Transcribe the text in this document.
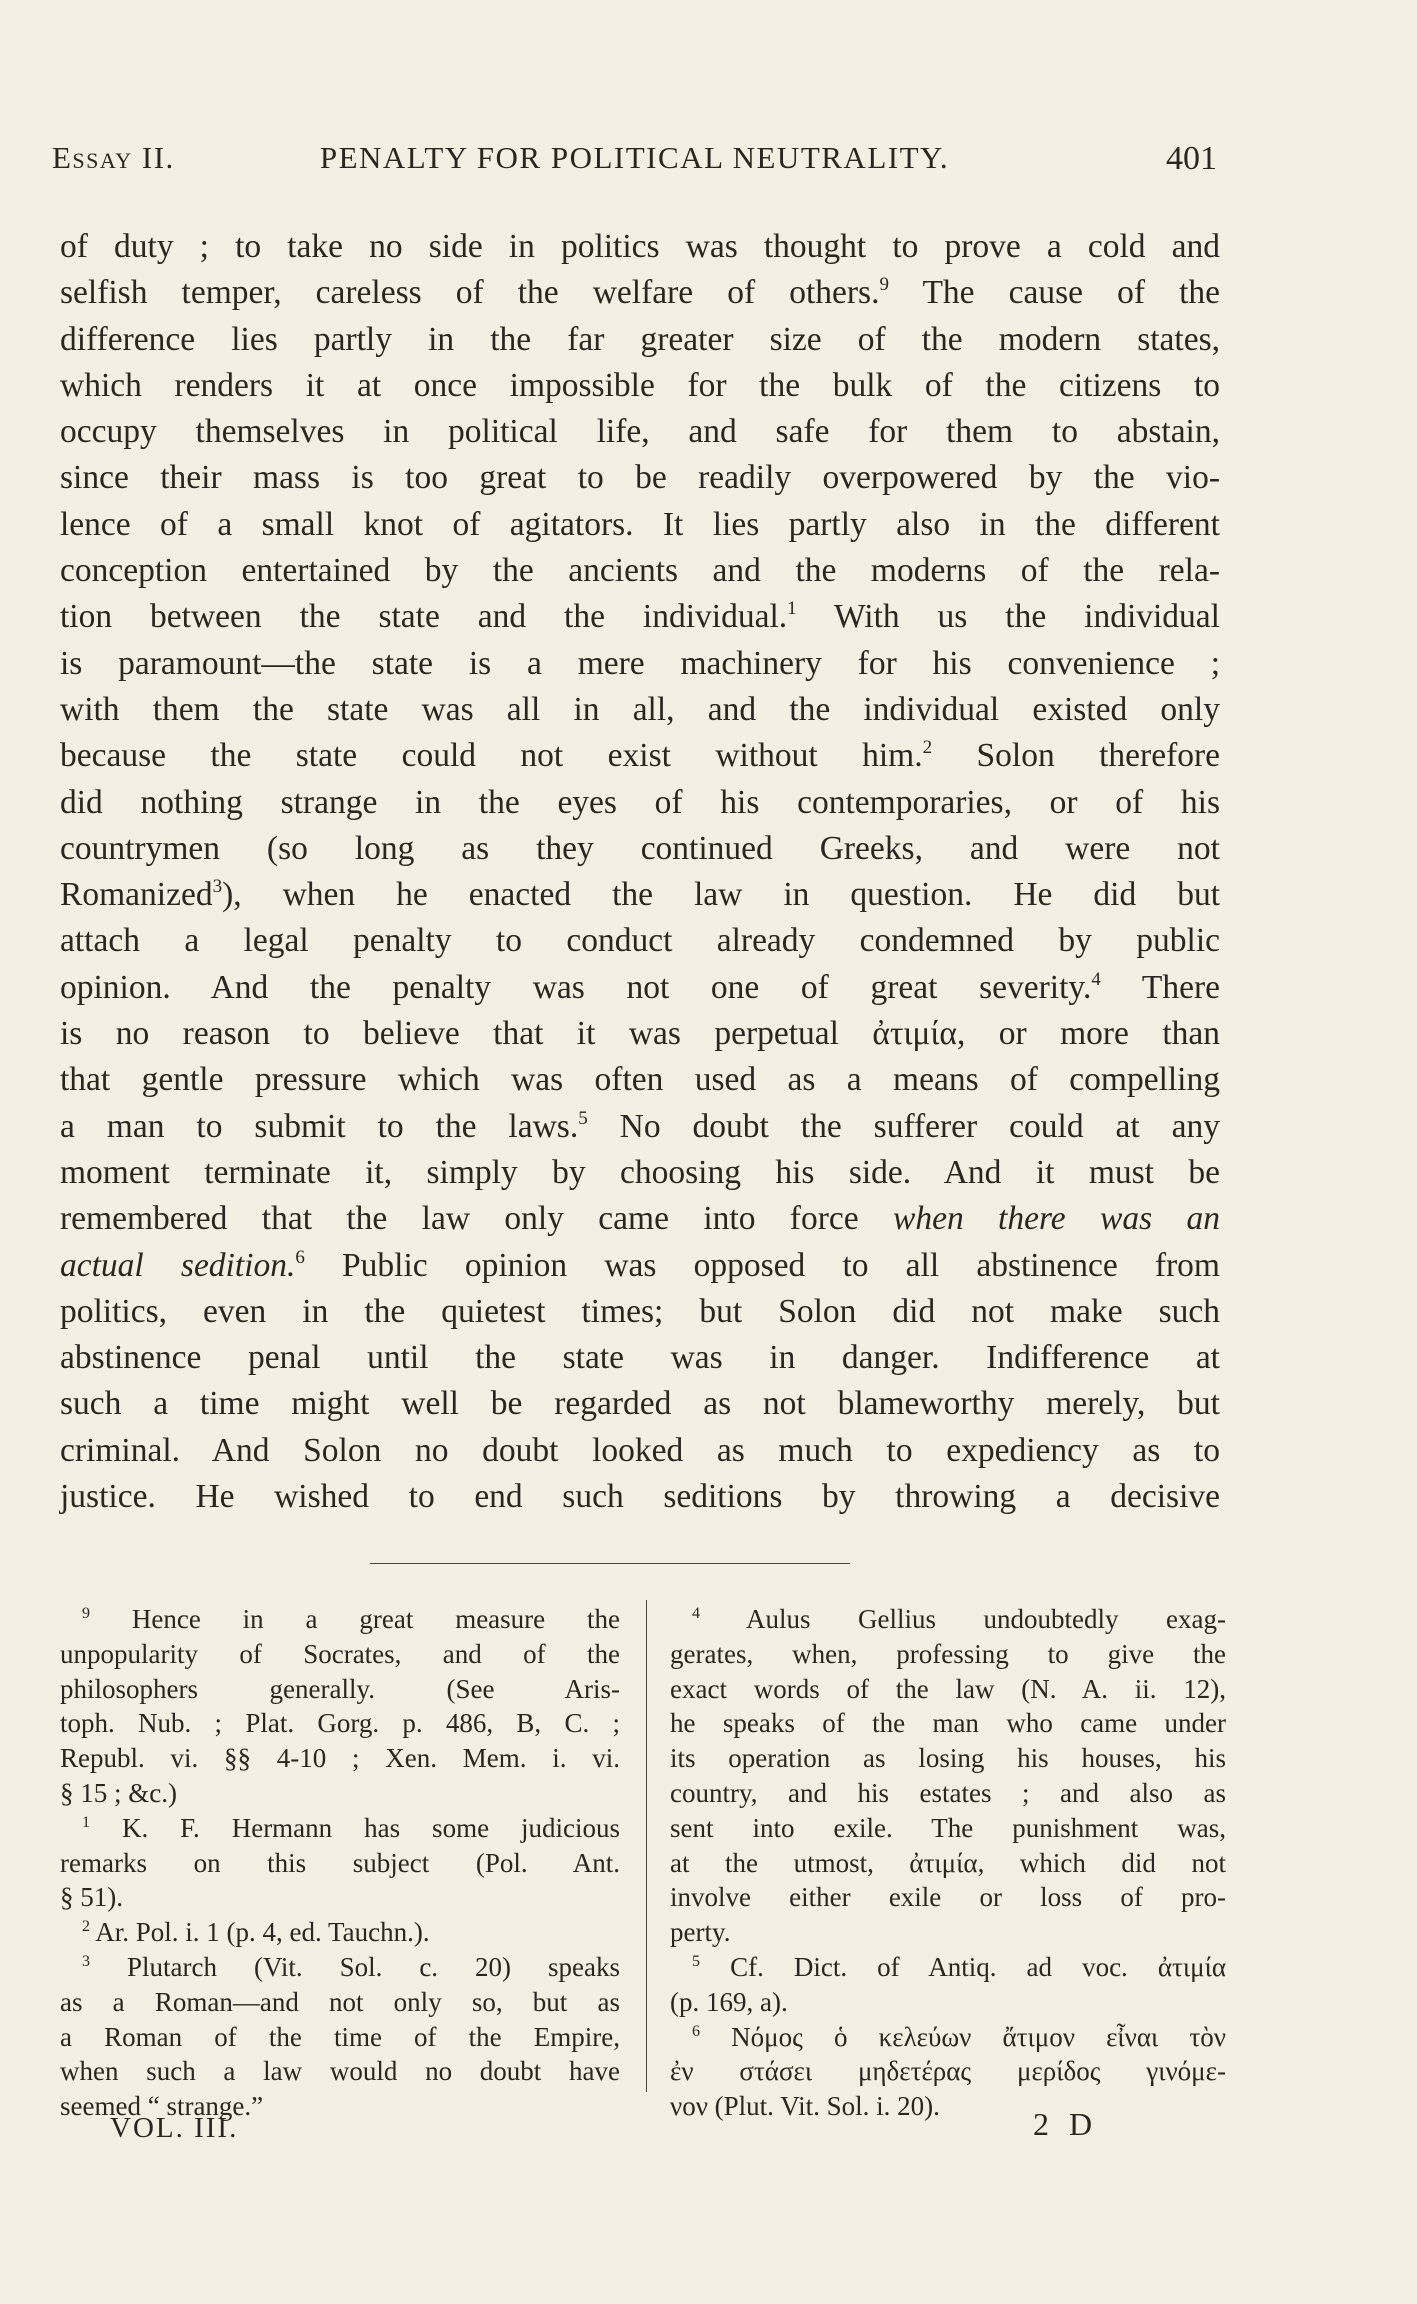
Essay II.	PENALTY FOR POLITICAL NEUTRALITY.	401
of duty ; to take no side in politics was thought to prove a cold and
selfish temper, careless of the welfare of others.$^9$ The cause of the
difference lies partly in the far greater size of the modern states,
which renders it at once impossible for the bulk of the citizens to
occupy themselves in political life, and safe for them to abstain,
since their mass is too great to be readily overpowered by the vio-
lence of a small knot of agitators. It lies partly also in the different
conception entertained by the ancients and the moderns of the rela-
tion between the state and the individual.$^1$ With us the individual
is paramount—the state is a mere machinery for his convenience ;
with them the state was all in all, and the individual existed only
because the state could not exist without him.$^2$ Solon therefore
did nothing strange in the eyes of his contemporaries, or of his
countrymen (so long as they continued Greeks, and were not
Romanized$^3$), when he enacted the law in question. He did but
attach a legal penalty to conduct already condemned by public
opinion. And the penalty was not one of great severity.$^4$ There
is no reason to believe that it was perpetual ἀτιμία, or more than
that gentle pressure which was often used as a means of compelling
a man to submit to the laws.$^5$ No doubt the sufferer could at any
moment terminate it, simply by choosing his side. And it must be
remembered that the law only came into force when there was an
actual sedition.$^6$ Public opinion was opposed to all abstinence from
politics, even in the quietest times; but Solon did not make such
abstinence penal until the state was in danger. Indifference at
such a time might well be regarded as not blameworthy merely, but
criminal. And Solon no doubt looked as much to expediency as to
justice. He wished to end such seditions by throwing a decisive
$^9$ Hence in a great measure the
unpopularity of Socrates, and of the
philosophers generally. (See Aris-
toph. Nub. ; Plat. Gorg. p. 486, B, C. ;
Republ. vi. §§ 4-10 ; Xen. Mem. i. vi.
§ 15 ; &c.)
$^1$ K. F. Hermann has some judicious
remarks on this subject (Pol. Ant.
§ 51).
$^2$ Ar. Pol. i. 1 (p. 4, ed. Tauchn.).
$^3$ Plutarch (Vit. Sol. c. 20) speaks
as a Roman—and not only so, but as
a Roman of the time of the Empire,
when such a law would no doubt have
seemed “ strange.”
$^4$ Aulus Gellius undoubtedly exag-
gerates, when, professing to give the
exact words of the law (N. A. ii. 12),
he speaks of the man who came under
its operation as losing his houses, his
country, and his estates ; and also as
sent into exile. The punishment was,
at the utmost, ἀτιμία, which did not
involve either exile or loss of pro-
perty.
$^5$ Cf. Dict. of Antiq. ad voc. ἀτιμία
(p. 169, a).
$^6$ Νόμος ὁ κελεύων ἄτιμον εἶναι τὸν
ἐν στάσει μηδετέρας μερίδος γινόμε-
νον (Plut. Vit. Sol. i. 20).
VOL. III.	2 D
